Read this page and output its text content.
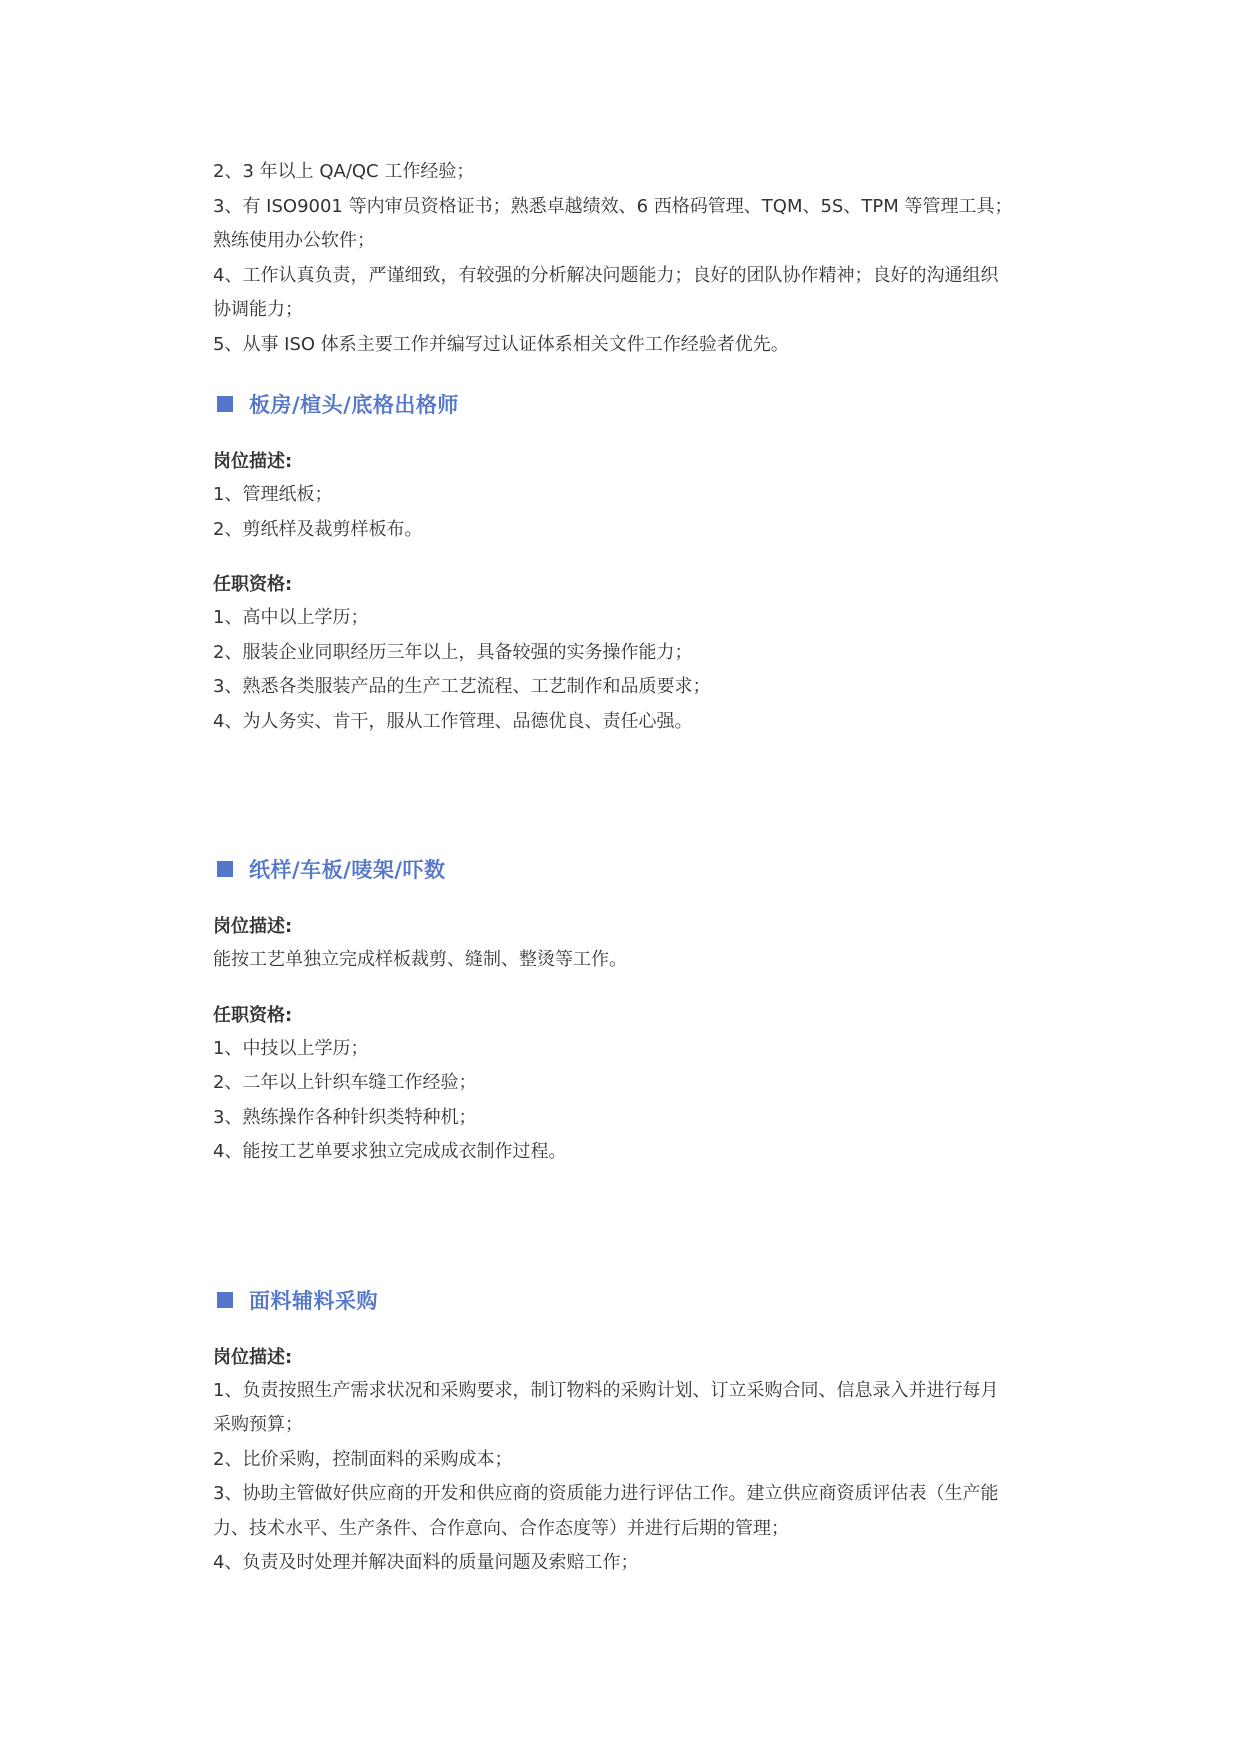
2、3 年以上 QA/QC 工作经验；
3、有 ISO9001 等内审员资格证书；熟悉卓越绩效、6 西格码管理、TQM、5S、TPM 等管理工具；熟练使用办公软件；
4、工作认真负责，严谨细致，有较强的分析解决问题能力；良好的团队协作精神；良好的沟通组织协调能力；
5、从事 ISO 体系主要工作并编写过认证体系相关文件工作经验者优先。
板房/楦头/底格出格师
岗位描述:
1、管理纸板；
2、剪纸样及裁剪样板布。
任职资格:
1、高中以上学历；
2、服装企业同职经历三年以上，具备较强的实务操作能力；
3、熟悉各类服装产品的生产工艺流程、工艺制作和品质要求；
4、为人务实、肯干，服从工作管理、品德优良、责任心强。
纸样/车板/唛架/吓数
岗位描述:
能按工艺单独立完成样板裁剪、缝制、整烫等工作。
任职资格:
1、中技以上学历；
2、二年以上针织车缝工作经验；
3、熟练操作各种针织类特种机；
4、能按工艺单要求独立完成成衣制作过程。
面料辅料采购
岗位描述:
1、负责按照生产需求状况和采购要求，制订物料的采购计划、订立采购合同、信息录入并进行每月采购预算；
2、比价采购，控制面料的采购成本；
3、协助主管做好供应商的开发和供应商的资质能力进行评估工作。建立供应商资质评估表（生产能力、技术水平、生产条件、合作意向、合作态度等）并进行后期的管理；
4、负责及时处理并解决面料的质量问题及索赔工作；
